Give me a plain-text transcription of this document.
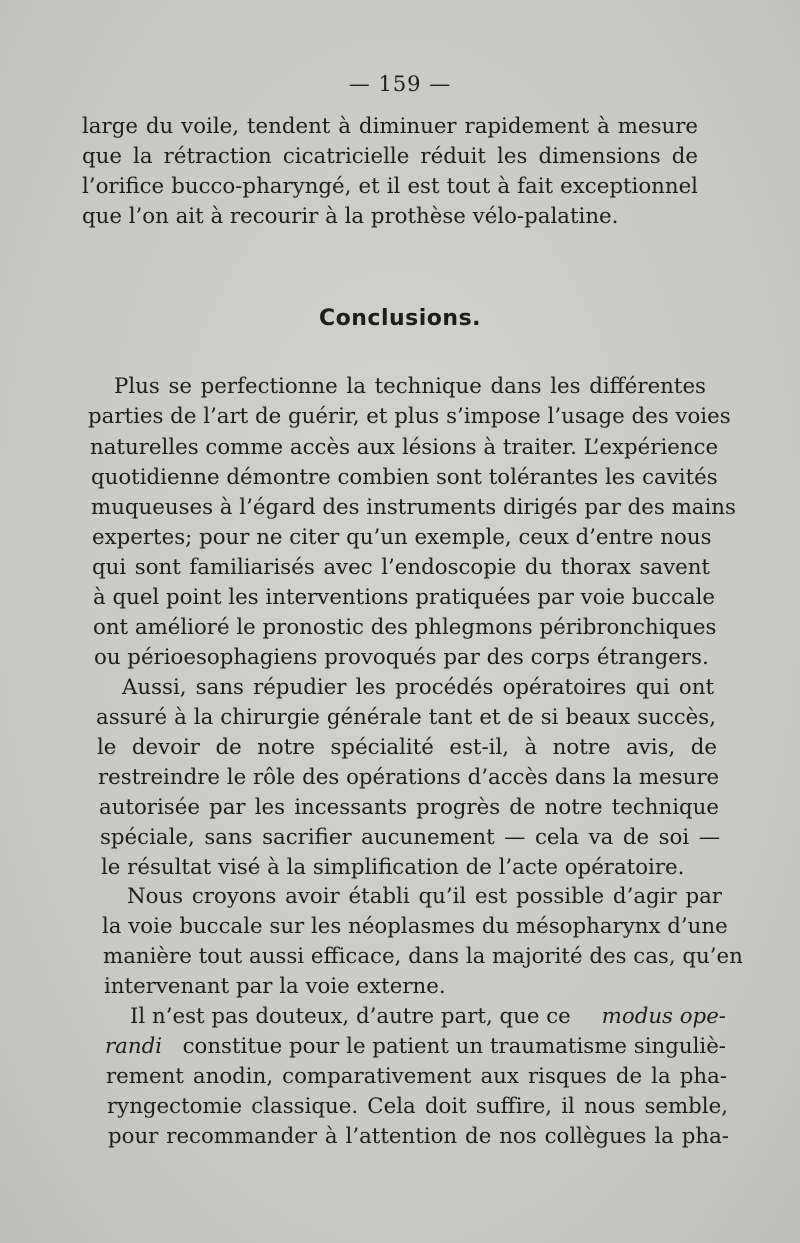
— 159 —
large du voile, tendent à diminuer rapidement à mesure
que la rétraction cicatricielle réduit les dimensions de
l’orifice bucco-pharyngé, et il est tout à fait exceptionnel
que l’on ait à recourir à la prothèse vélo-palatine.
Conclusions.
Plus se perfectionne la technique dans les différentes
parties de l’art de guérir, et plus s’impose l’usage des voies
naturelles comme accès aux lésions à traiter. L’expérience
quotidienne démontre combien sont tolérantes les cavités
muqueuses à l’égard des instruments dirigés par des mains
expertes; pour ne citer qu’un exemple, ceux d’entre nous
qui sont familiarisés avec l’endoscopie du thorax savent
à quel point les interventions pratiquées par voie buccale
ont amélioré le pronostic des phlegmons péribronchiques
ou pério​esophagiens provoqués par des corps étrangers.
Aussi, sans répudier les procédés opératoires qui ont
assuré à la chirurgie générale tant et de si beaux succès,
le devoir de notre spécialité est-il, à notre avis, de
restreindre le rôle des opérations d’accès dans la mesure
autorisée par les incessants progrès de notre technique
spéciale, sans sacrifier aucunement — cela va de soi —
le résultat visé à la simplification de l’acte opératoire.
Nous croyons avoir établi qu’il est possible d’agir par
la voie buccale sur les néoplasmes du mésopharynx d’une
manière tout aussi efficace, dans la majorité des cas, qu’en
intervenant par la voie externe.
Il n’est pas douteux, d’autre part, que ce modus ope-
randi constitue pour le patient un traumatisme singuliè-
rement anodin, comparativement aux risques de la pha-
ryngectomie classique. Cela doit suffire, il nous semble,
pour recommander à l’attention de nos collègues la pha-
